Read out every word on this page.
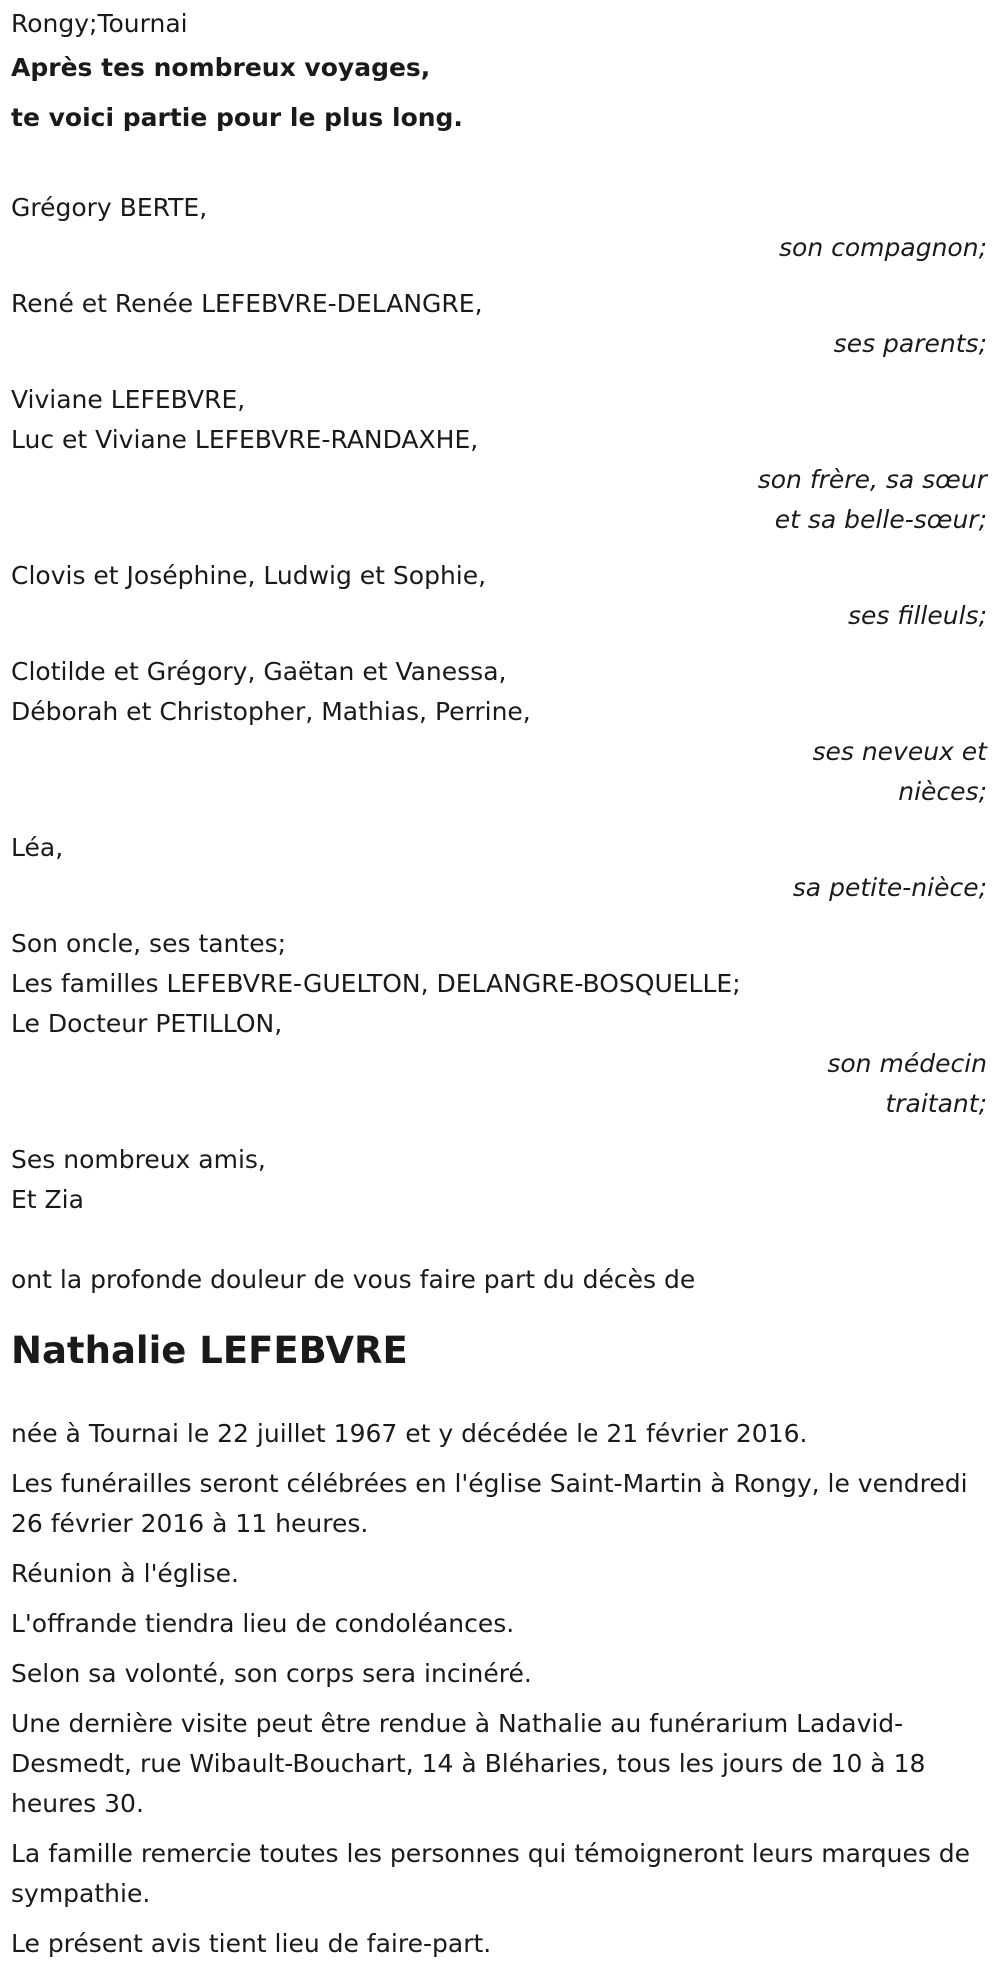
Rongy;Tournai
Après tes nombreux voyages,
te voici partie pour le plus long.
Grégory BERTE,
son compagnon;
René et Renée LEFEBVRE-DELANGRE,
ses parents;
Viviane LEFEBVRE,
Luc et Viviane LEFEBVRE-RANDAXHE,
son frère, sa sœur
et sa belle-sœur;
Clovis et Joséphine, Ludwig et Sophie,
ses filleuls;
Clotilde et Grégory, Gaëtan et Vanessa,
Déborah et Christopher, Mathias, Perrine,
ses neveux et
nièces;
Léa,
sa petite-nièce;
Son oncle, ses tantes;
Les familles LEFEBVRE-GUELTON, DELANGRE-BOSQUELLE;
Le Docteur PETILLON,
son médecin
traitant;
Ses nombreux amis,
Et Zia
ont la profonde douleur de vous faire part du décès de
Nathalie LEFEBVRE
née à Tournai le 22 juillet 1967 et y décédée le 21 février 2016.
Les funérailles seront célébrées en l'église Saint-Martin à Rongy, le vendredi 26 février 2016 à 11 heures.
Réunion à l'église.
L'offrande tiendra lieu de condoléances.
Selon sa volonté, son corps sera incinéré.
Une dernière visite peut être rendue à Nathalie au funérarium Ladavid-Desmedt, rue Wibault-Bouchart, 14 à Bléharies, tous les jours de 10 à 18 heures 30.
La famille remercie toutes les personnes qui témoigneront leurs marques de sympathie.
Le présent avis tient lieu de faire-part.
